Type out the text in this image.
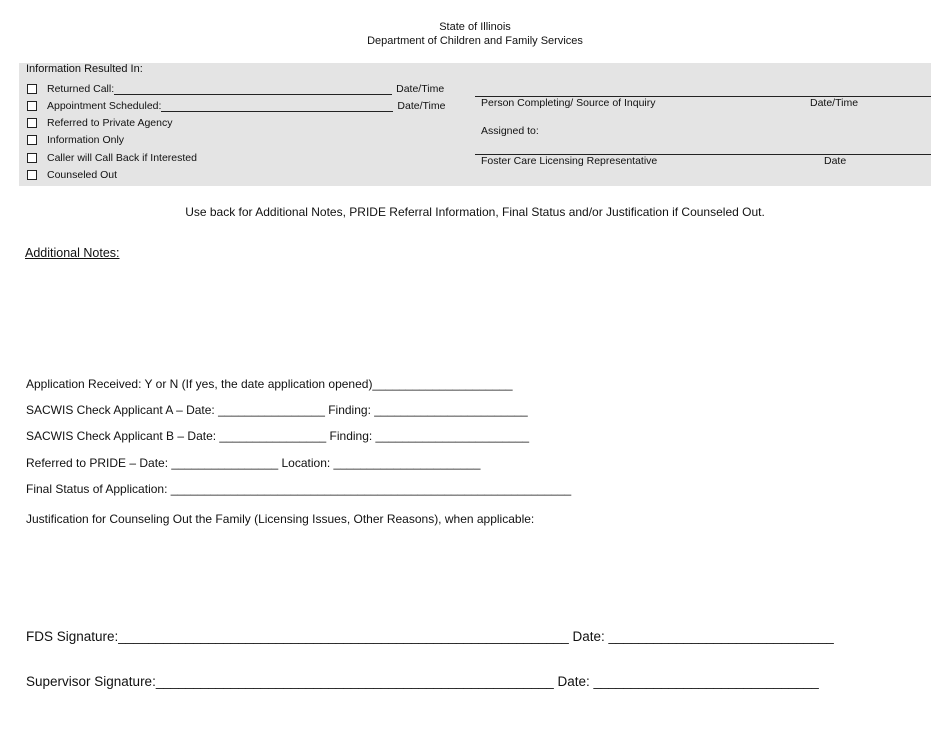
State of Illinois
Department of Children and Family Services
Information Resulted In:
Returned Call:	Date/Time
Appointment Scheduled:	Date/Time
Referred to Private Agency
Information Only
Caller will Call Back if Interested
Counseled Out
Person Completing/ Source of Inquiry	Date/Time
Assigned to:
Foster Care Licensing Representative	Date
Use back for Additional Notes, PRIDE Referral Information, Final Status and/or Justification if Counseled Out.
Additional Notes:
Application Received: Y or N (If yes, the date application opened)_____________________
SACWIS Check Applicant A – Date: ________________ Finding: _______________________
SACWIS Check Applicant B – Date: ________________ Finding: _______________________
Referred to PRIDE – Date: ________________ Location: ______________________
Final Status of Application: ____________________________________________________________
Justification for Counseling Out the Family (Licensing Issues, Other Reasons), when applicable:
FDS Signature:____________________________________________________________ Date: ______________________________
Supervisor Signature:_____________________________________________________ Date: ______________________________
